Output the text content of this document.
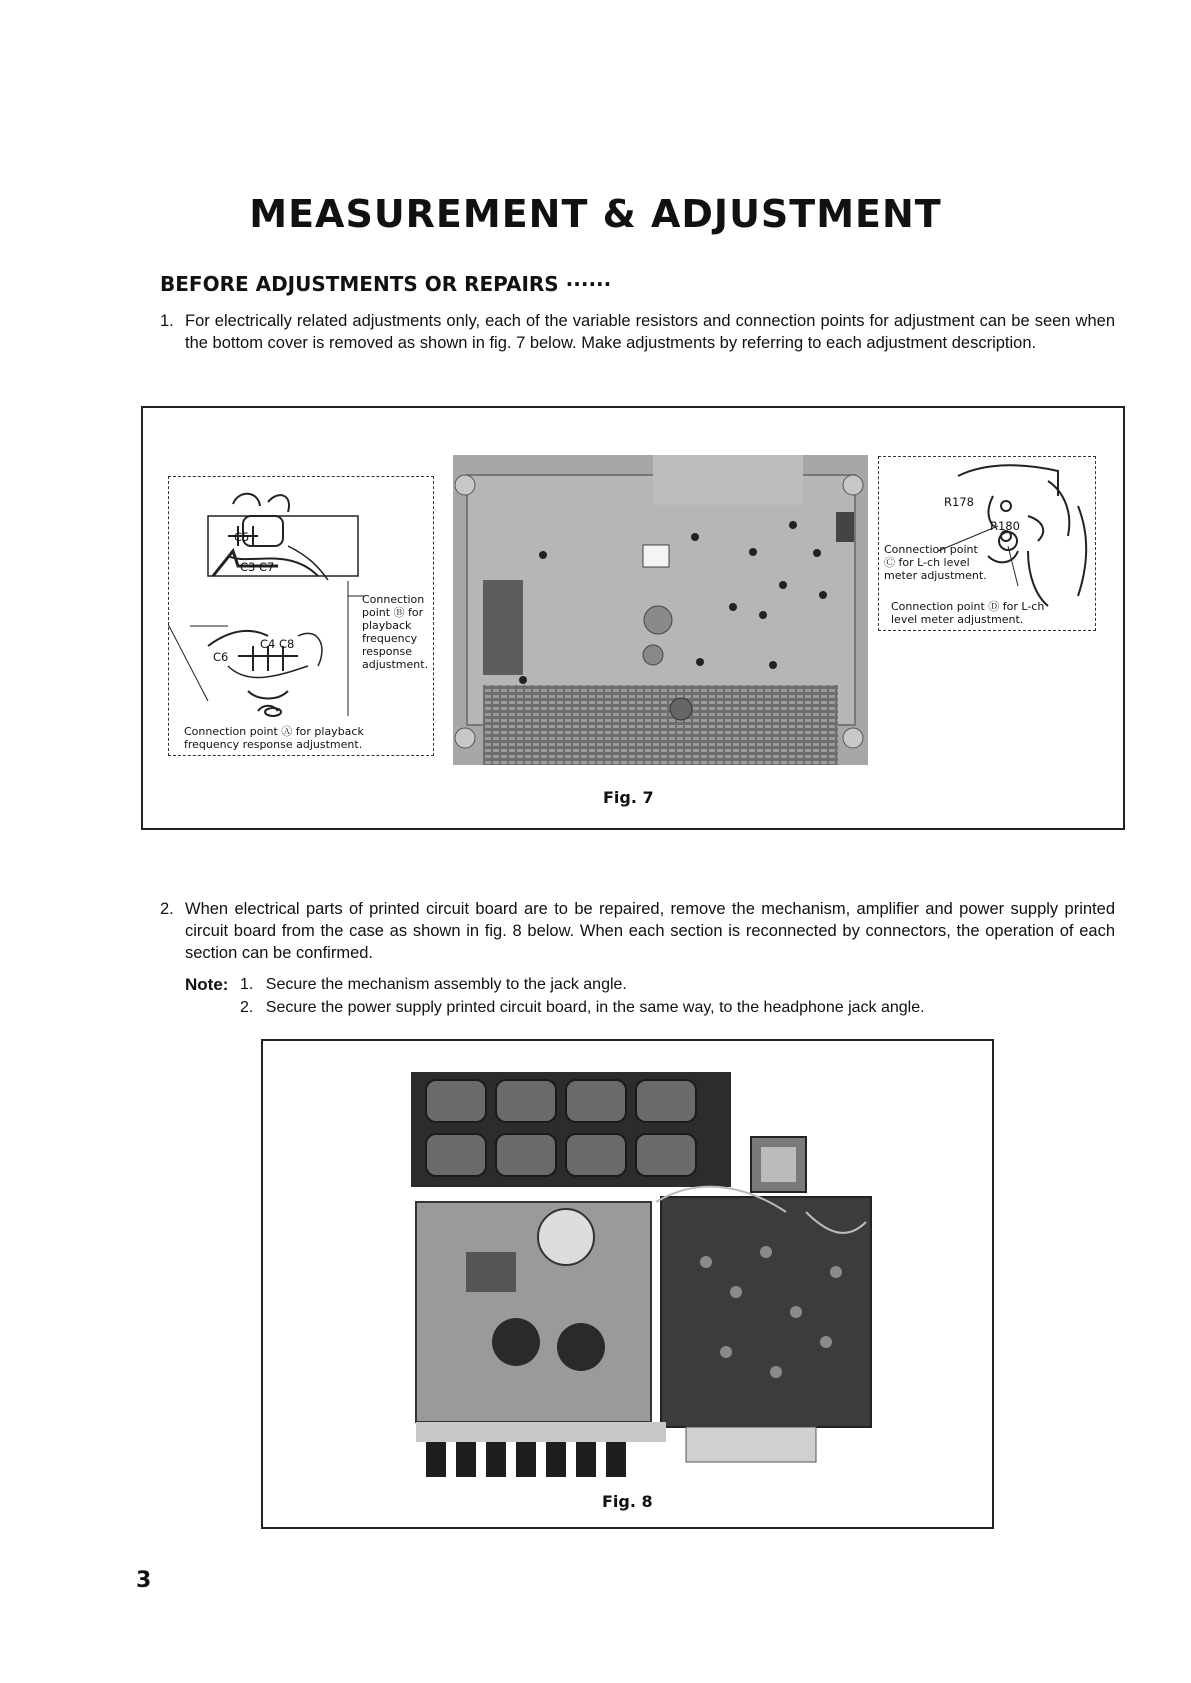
MEASUREMENT & ADJUSTMENT
BEFORE ADJUSTMENTS OR REPAIRS ······
1. For electrically related adjustments only, each of the variable resistors and connection points for adjustment can be seen when the bottom cover is removed as shown in fig. 7 below. Make adjustments by referring to each adjustment description.
C5
C3 C7
C4 C8
C6
Connection
point Ⓑ for
playback
frequency
response
adjustment.
Connection point Ⓐ for playback
frequency response adjustment.
R178
R180
Connection point
Ⓒ for L-ch level
meter adjustment.
Connection point Ⓓ for L-ch
level meter adjustment.
Fig. 7
2. When electrical parts of printed circuit board are to be repaired, remove the mechanism, amplifier and power supply printed circuit board from the case as shown in fig. 8 below. When each section is reconnected by connectors, the operation of each section can be confirmed.
Note: 1. Secure the mechanism assembly to the jack angle.
2. Secure the power supply printed circuit board, in the same way, to the headphone jack angle.
Fig. 8
3
